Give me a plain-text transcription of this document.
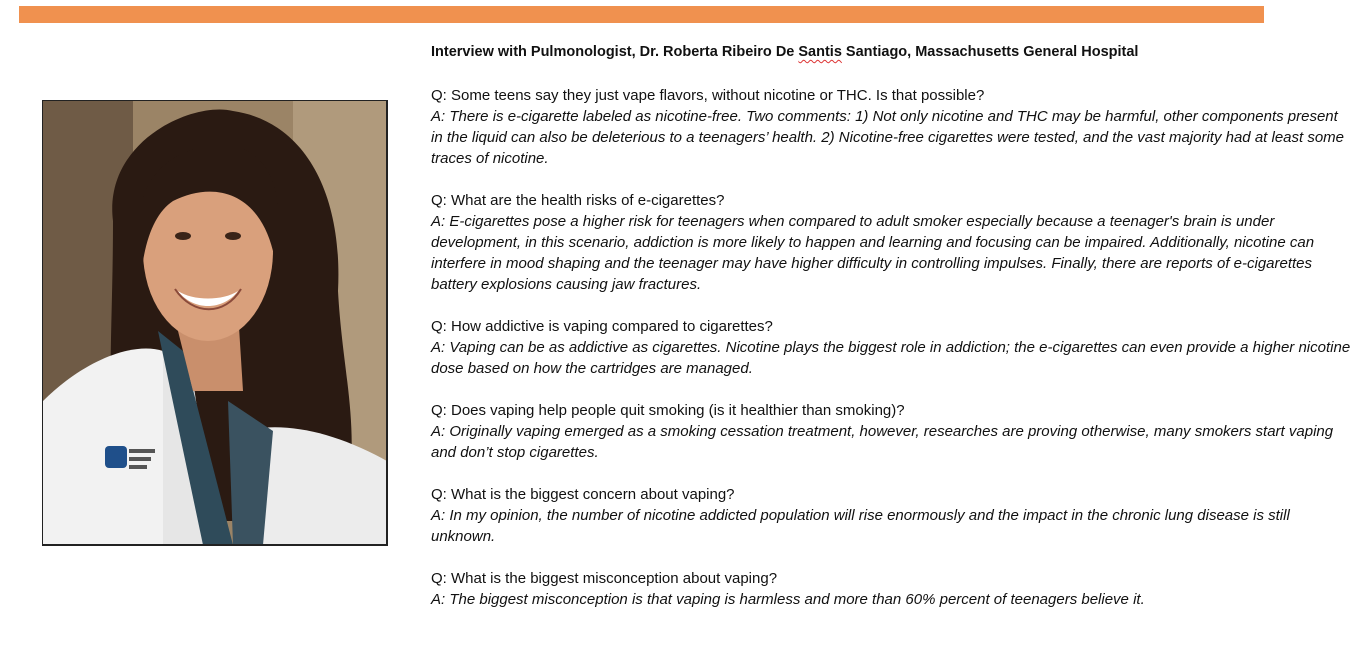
Interview with Pulmonologist, Dr. Roberta Ribeiro De Santis Santiago, Massachusetts General Hospital

Q: Some teens say they just vape flavors, without nicotine or THC. Is that possible?

A: There is e-cigarette labeled as nicotine-free. Two comments: 1) Not only nicotine and THC may be harmful, other components present in the liquid can also be deleterious to a teenagers’ health. 2) Nicotine-free cigarettes were tested, and the vast majority had at least some traces of nicotine.

Q: What are the health risks of e-cigarettes?

A: E-cigarettes pose a higher risk for teenagers when compared to adult smoker especially because a teenager's brain is under development, in this scenario, addiction is more likely to happen and learning and focusing can be impaired. Additionally, nicotine can interfere in mood shaping and the teenager may have higher difficulty in controlling impulses. Finally, there are reports of e-cigarettes battery explosions causing jaw fractures.

Q: How addictive is vaping compared to cigarettes?

A: Vaping can be as addictive as cigarettes. Nicotine plays the biggest role in addiction; the e-cigarettes can even provide a higher nicotine dose based on how the cartridges are managed.

Q: Does vaping help people quit smoking (is it healthier than smoking)?

A: Originally vaping emerged as a smoking cessation treatment, however, researches are proving otherwise, many smokers start vaping and don’t stop cigarettes.

Q: What is the biggest concern about vaping?

A: In my opinion, the number of nicotine addicted population will rise enormously and the impact in the chronic lung disease is still unknown.

Q: What is the biggest misconception about vaping?

A: The biggest misconception is that vaping is harmless and more than 60% percent of teenagers believe it.
